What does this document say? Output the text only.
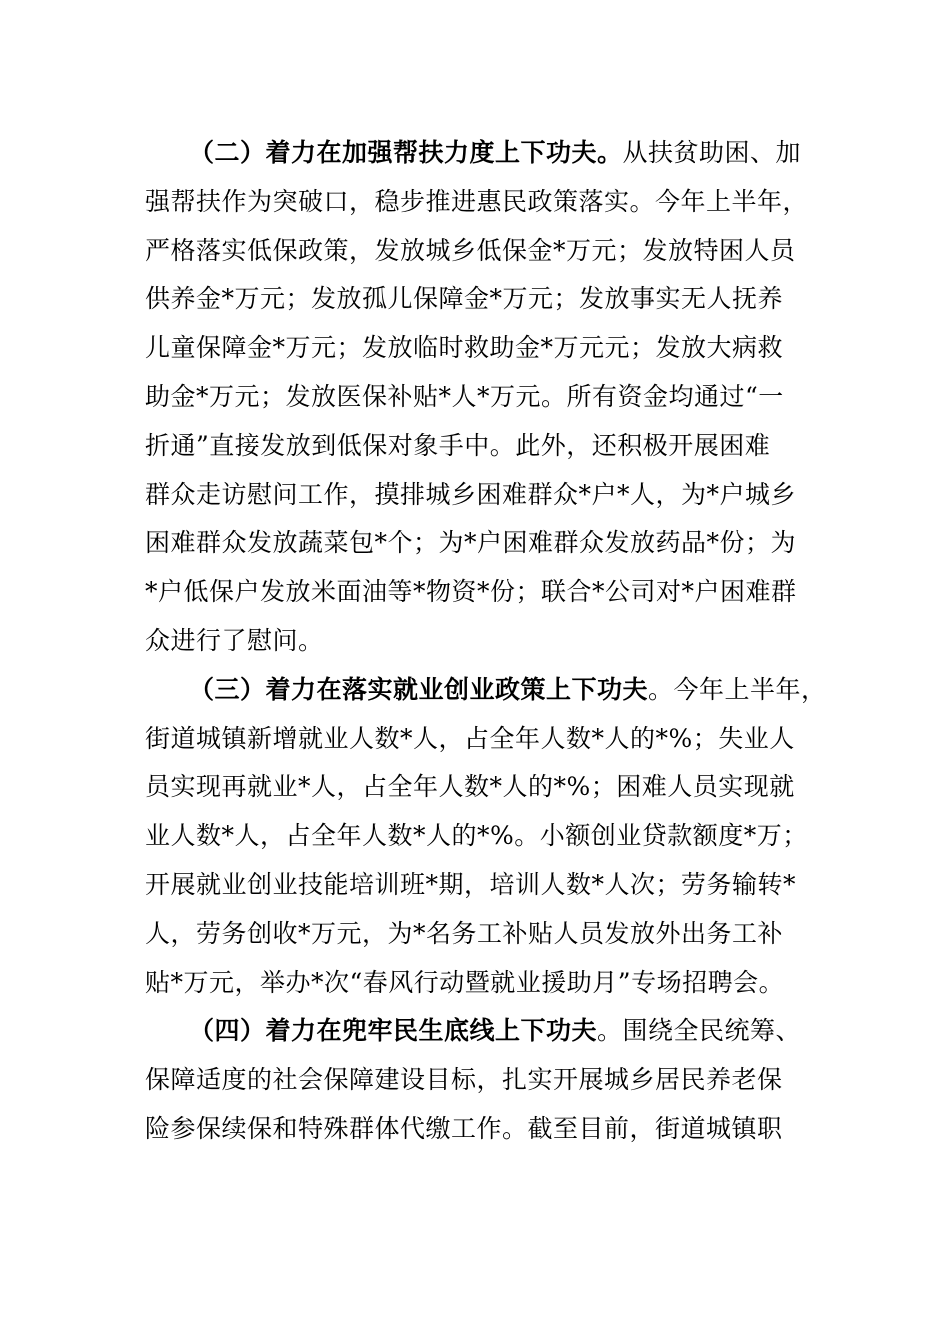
（二）着力在加强帮扶力度上下功夫。从扶贫助困、加
强帮扶作为突破口，稳步推进惠民政策落实。今年上半年，
严格落实低保政策，发放城乡低保金*万元；发放特困人员
供养金*万元；发放孤儿保障金*万元；发放事实无人抚养
儿童保障金*万元；发放临时救助金*万元元；发放大病救
助金*万元；发放医保补贴*人*万元。所有资金均通过“一
折通”直接发放到低保对象手中。此外，还积极开展困难
群众走访慰问工作，摸排城乡困难群众*户*人，为*户城乡
困难群众发放蔬菜包*个；为*户困难群众发放药品*份；为
*户低保户发放米面油等*物资*份；联合*公司对*户困难群
众进行了慰问。
（三）着力在落实就业创业政策上下功夫。今年上半年，
街道城镇新增就业人数*人，占全年人数*人的*%；失业人
员实现再就业*人，占全年人数*人的*%；困难人员实现就
业人数*人，占全年人数*人的*%。小额创业贷款额度*万；
开展就业创业技能培训班*期，培训人数*人次；劳务输转*
人，劳务创收*万元，为*名务工补贴人员发放外出务工补
贴*万元，举办*次“春风行动暨就业援助月”专场招聘会。
（四）着力在兜牢民生底线上下功夫。围绕全民统筹、
保障适度的社会保障建设目标，扎实开展城乡居民养老保
险参保续保和特殊群体代缴工作。截至目前，街道城镇职
